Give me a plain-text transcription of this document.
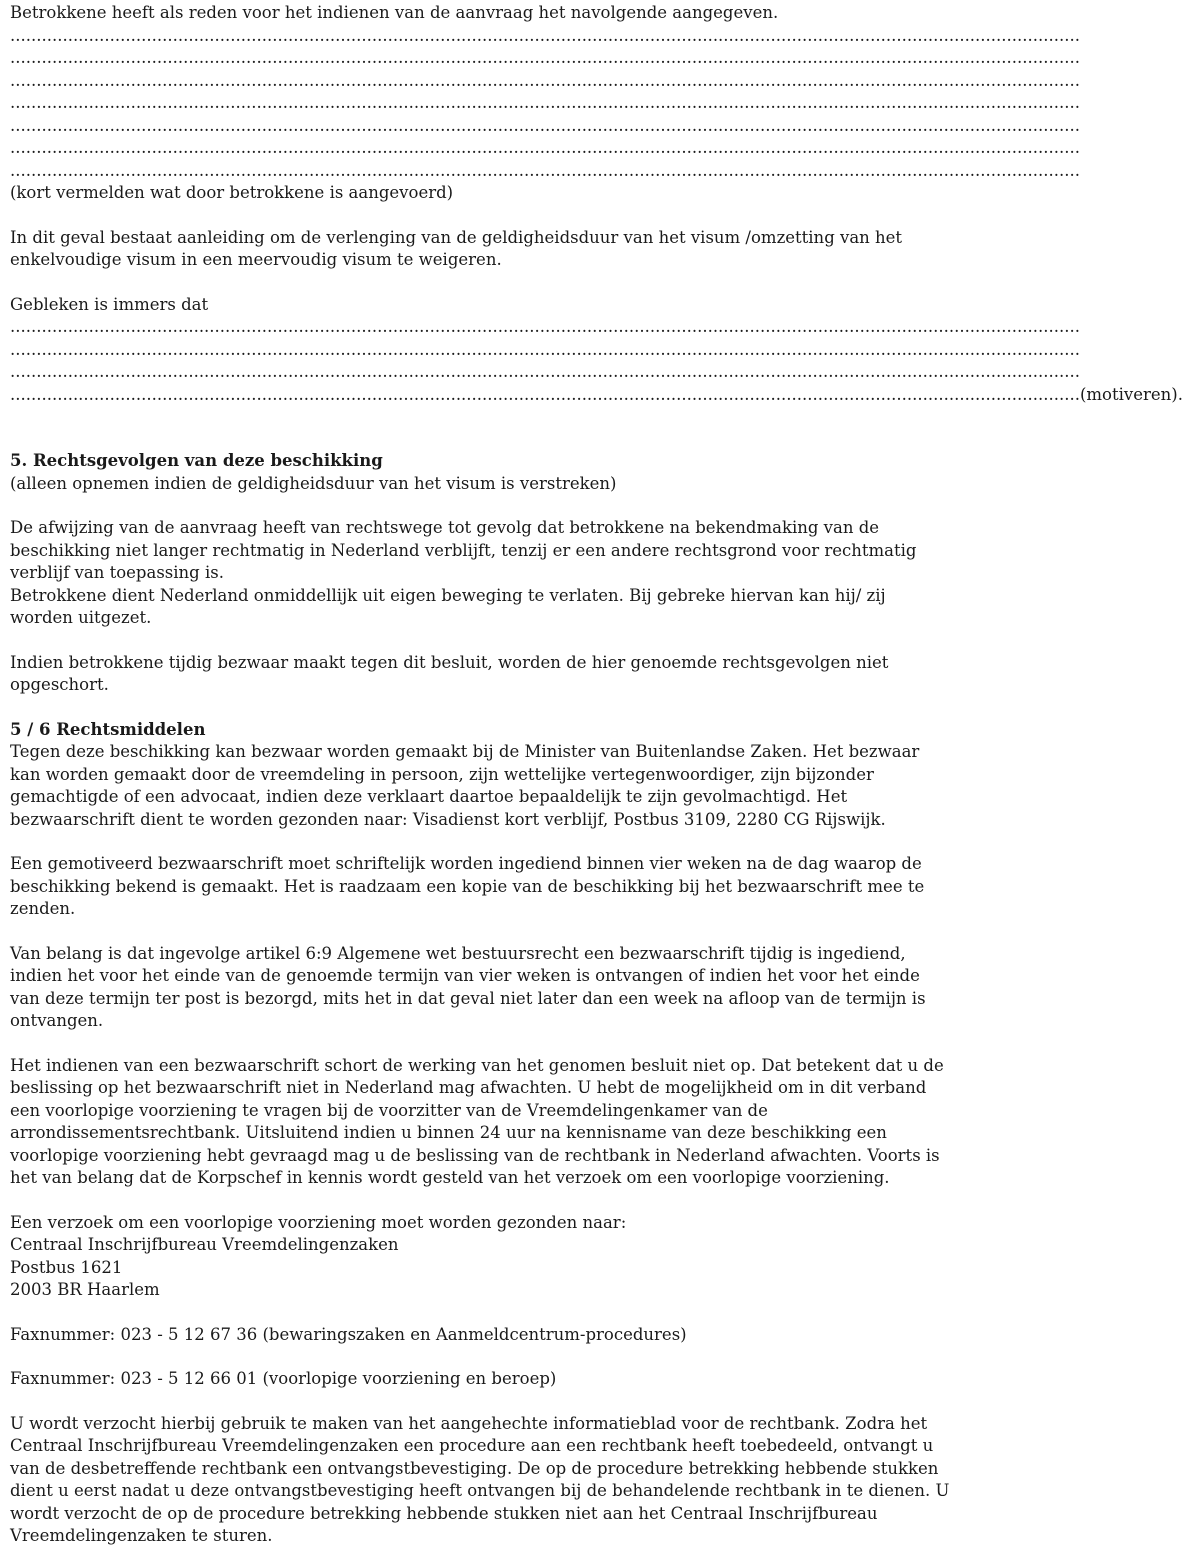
Betrokkene heeft als reden voor het indienen van de aanvraag het navolgende aangegeven.
............................................................................................................................................................................................................
............................................................................................................................................................................................................
............................................................................................................................................................................................................
............................................................................................................................................................................................................
............................................................................................................................................................................................................
............................................................................................................................................................................................................
............................................................................................................................................................................................................
(kort vermelden wat door betrokkene is aangevoerd)
In dit geval bestaat aanleiding om de verlenging van de geldigheidsduur van het visum /omzetting van het
enkelvoudige visum in een meervoudig visum te weigeren.
Gebleken is immers dat
............................................................................................................................................................................................................
............................................................................................................................................................................................................
............................................................................................................................................................................................................
............................................................................................................................................................................................................ (motiveren).
5. Rechtsgevolgen van deze beschikking
(alleen opnemen indien de geldigheidsduur van het visum is verstreken)
De afwijzing van de aanvraag heeft van rechtswege tot gevolg dat betrokkene na bekendmaking van de
beschikking niet langer rechtmatig in Nederland verblijft, tenzij er een andere rechtsgrond voor rechtmatig
verblijf van toepassing is.
Betrokkene dient Nederland onmiddellijk uit eigen beweging te verlaten. Bij gebreke hiervan kan hij/ zij
worden uitgezet.
Indien betrokkene tijdig bezwaar maakt tegen dit besluit, worden de hier genoemde rechtsgevolgen niet
opgeschort.
5 / 6 Rechtsmiddelen
Tegen deze beschikking kan bezwaar worden gemaakt bij de Minister van Buitenlandse Zaken. Het bezwaar
kan worden gemaakt door de vreemdeling in persoon, zijn wettelijke vertegenwoordiger, zijn bijzonder
gemachtigde of een advocaat, indien deze verklaart daartoe bepaaldelijk te zijn gevolmachtigd. Het
bezwaarschrift dient te worden gezonden naar: Visadienst kort verblijf, Postbus 3109, 2280 CG Rijswijk.
Een gemotiveerd bezwaarschrift moet schriftelijk worden ingediend binnen vier weken na de dag waarop de
beschikking bekend is gemaakt. Het is raadzaam een kopie van de beschikking bij het bezwaarschrift mee te
zenden.
Van belang is dat ingevolge artikel 6:9 Algemene wet bestuursrecht een bezwaarschrift tijdig is ingediend,
indien het voor het einde van de genoemde termijn van vier weken is ontvangen of indien het voor het einde
van deze termijn ter post is bezorgd, mits het in dat geval niet later dan een week na afloop van de termijn is
ontvangen.
Het indienen van een bezwaarschrift schort de werking van het genomen besluit niet op. Dat betekent dat u de
beslissing op het bezwaarschrift niet in Nederland mag afwachten. U hebt de mogelijkheid om in dit verband
een voorlopige voorziening te vragen bij de voorzitter van de Vreemdelingenkamer van de
arrondissementsrechtbank. Uitsluitend indien u binnen 24 uur na kennisname van deze beschikking een
voorlopige voorziening hebt gevraagd mag u de beslissing van de rechtbank in Nederland afwachten. Voorts is
het van belang dat de Korpschef in kennis wordt gesteld van het verzoek om een voorlopige voorziening.
Een verzoek om een voorlopige voorziening moet worden gezonden naar:
Centraal Inschrijfbureau Vreemdelingenzaken
Postbus 1621
2003 BR Haarlem
Faxnummer: 023 - 5 12 67 36 (bewaringszaken en Aanmeldcentrum-procedures)
Faxnummer: 023 - 5 12 66 01 (voorlopige voorziening en beroep)
U wordt verzocht hierbij gebruik te maken van het aangehechte informatieblad voor de rechtbank. Zodra het
Centraal Inschrijfbureau Vreemdelingenzaken een procedure aan een rechtbank heeft toebedeeld, ontvangt u
van de desbetreffende rechtbank een ontvangstbevestiging. De op de procedure betrekking hebbende stukken
dient u eerst nadat u deze ontvangstbevestiging heeft ontvangen bij de behandelende rechtbank in te dienen. U
wordt verzocht de op de procedure betrekking hebbende stukken niet aan het Centraal Inschrijfbureau
Vreemdelingenzaken te sturen.
